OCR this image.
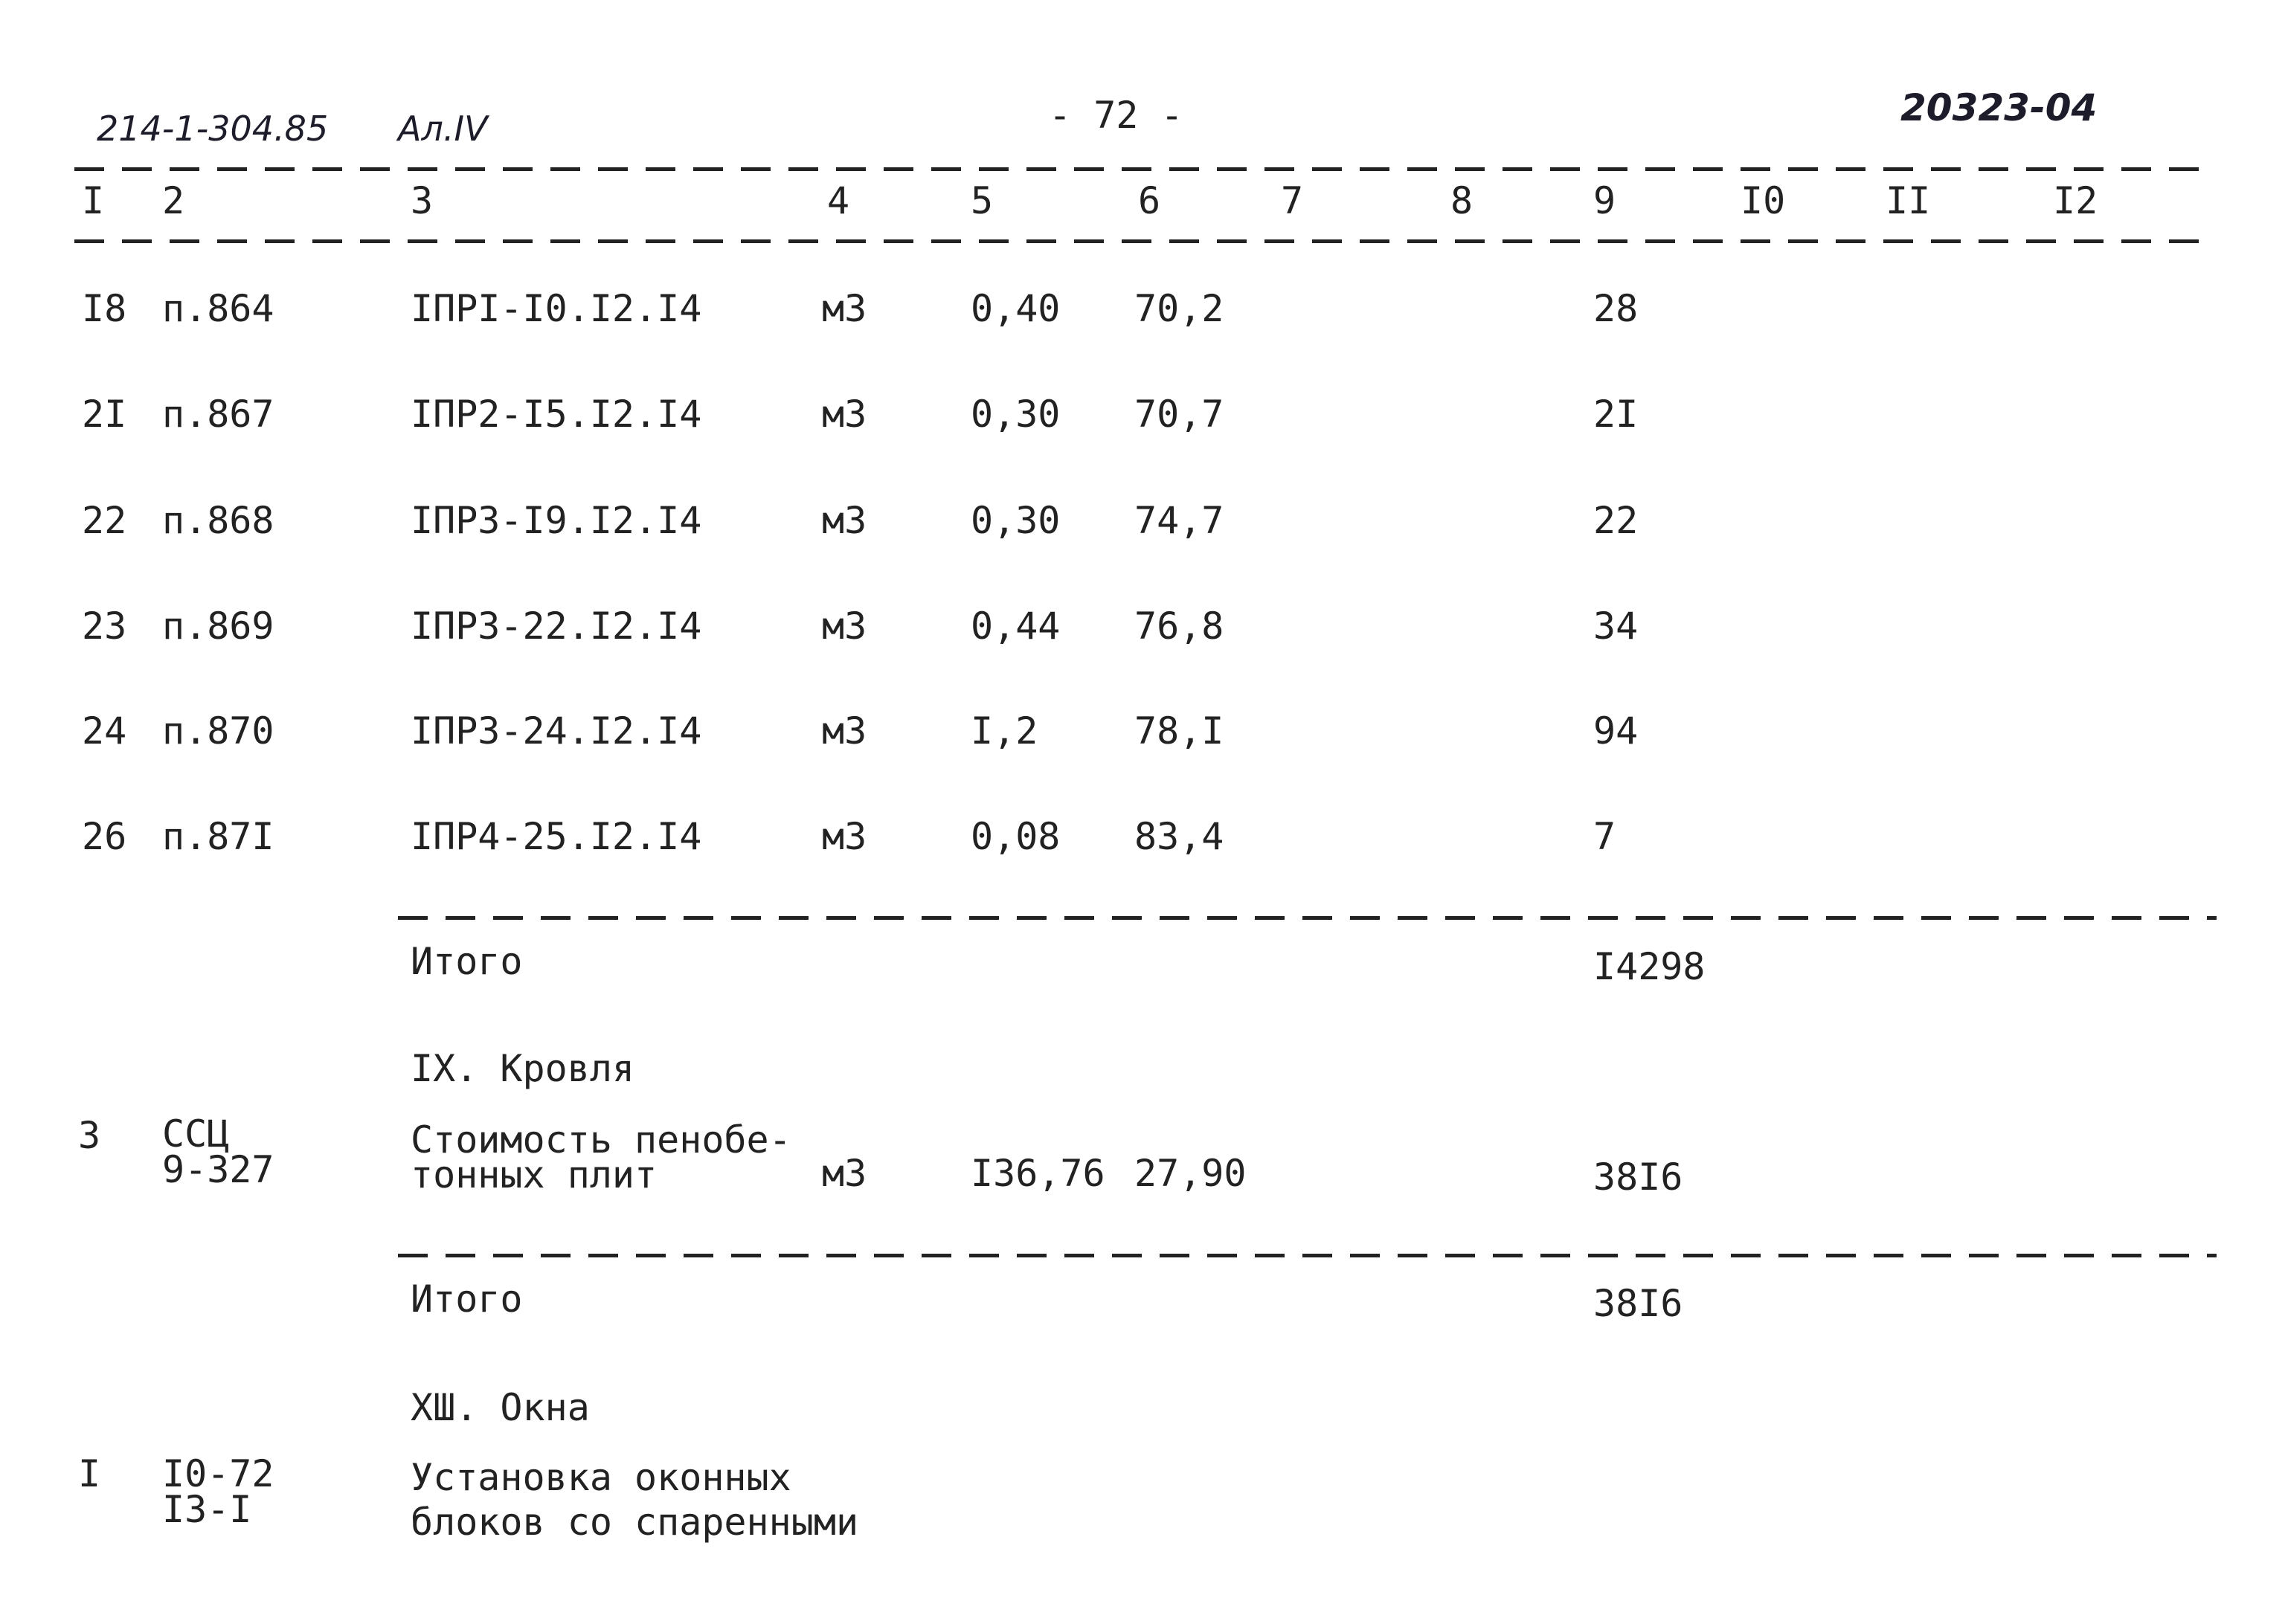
214-1-304.85 Ал.IV	- 72 -	20323-04
I 2	3	4	5	6	7	8	9	I0	II	I2
I8 п.864	IПPI-I0.I2.I4	м3	0,40 70,2	28
2I п.867	IПP2-I5.I2.I4	м3	0,30 70,7	2I
22 п.868	IПP3-I9.I2.I4	м3	0,30 74,7	22
23 п.869	IПP3-22.I2.I4	м3	0,44 76,8	34
24 п.870	IПP3-24.I2.I4	м3	I,2	78,I	94
26 п.87I	IПP4-25.I2.I4	м3	0,08 83,4	7
Итого	I4298
IX. Кровля
3 ССЦ
9-327
Стоимость пенобе-
тонных плит	м3	I36,76 27,90	38I6
Итого	38I6
ХШ. Окна
I I0-72
I3-I
Установка оконных
блоков со спаренными
